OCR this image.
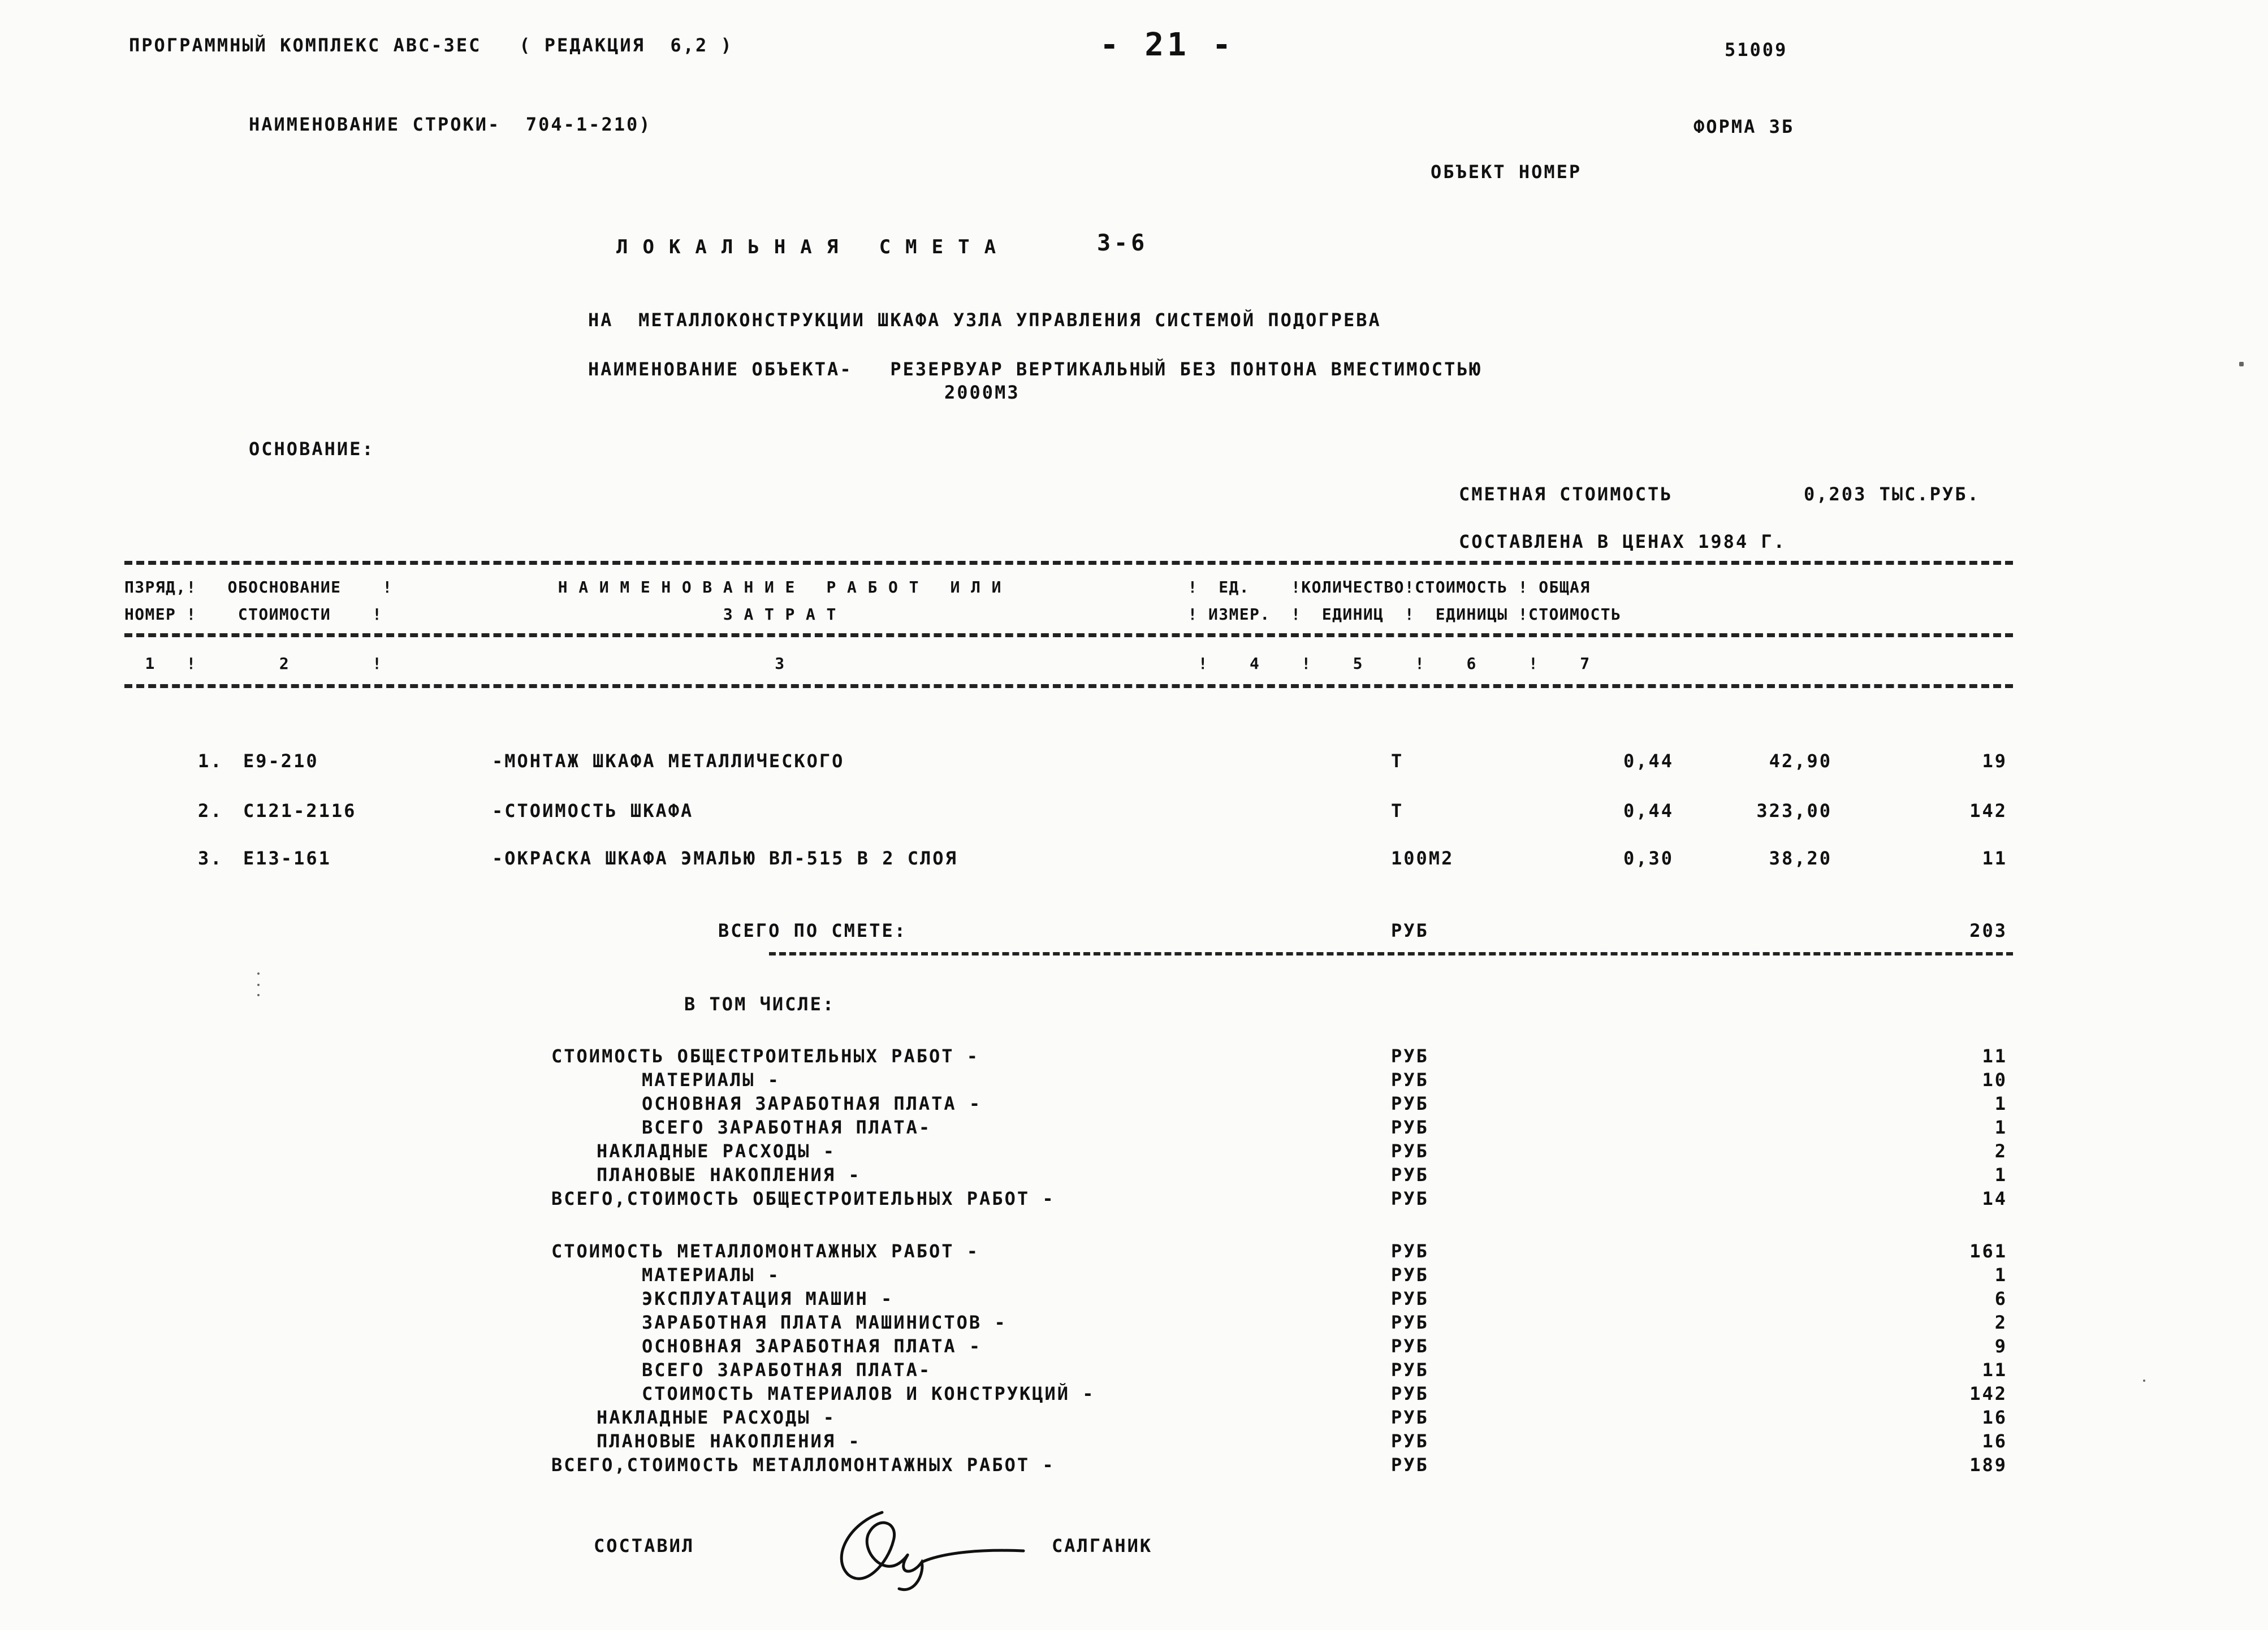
ПРОГРАММНЫЙ КОМПЛЕКС АВС-ЗЕС   ( РЕДАКЦИЯ  6,2 )	- 21 -	51009
НАИМЕНОВАНИЕ СТРОКИ-  704-1-210)	ФОРМА 3Б
ОБЪЕКТ НОМЕР
ЛОКАЛЬНАЯ СМЕТА	3-6
НА  МЕТАЛЛОКОНСТРУКЦИИ ШКАФА УЗЛА УПРАВЛЕНИЯ СИСТЕМОЙ ПОДОГРЕВА
НАИМЕНОВАНИЕ ОБЪЕКТА-   РЕЗЕРВУАР ВЕРТИКАЛЬНЫЙ БЕЗ ПОНТОНА ВМЕСТИМОСТЬЮ
2000М3
ОСНОВАНИЕ:
СМЕТНАЯ СТОИМОСТЬ	0,203 ТЫС.РУБ.
СОСТАВЛЕНА В ЦЕНАХ 1984 Г.
ПЗРЯД,!   ОБОСНОВАНИЕ    !                Н А И М Е Н О В А Н И Е   Р А Б О Т   И Л И                  !  ЕД.    !КОЛИЧЕСТВО!СТОИМОСТЬ ! ОБЩАЯ
НОМЕР !    СТОИМОСТИ    !                                 З А Т Р А Т                                  ! ИЗМЕР.  !  ЕДИНИЦ  !  ЕДИНИЦЫ !СТОИМОСТЬ
1   !        2        !                                      3                                        !    4    !    5     !    6     !    7
1. Е9-210	-МОНТАЖ ШКАФА МЕТАЛЛИЧЕСКОГО	Т	0,44	42,90	19
2. С121-2116	-СТОИМОСТЬ ШКАФА	Т	0,44	323,00	142
3. Е13-161	-ОКРАСКА ШКАФА ЭМАЛЬЮ ВЛ-515 В 2 СЛОЯ	100М2	0,30	38,20	11
ВСЕГО ПО СМЕТЕ:	РУБ	203
В ТОМ ЧИСЛЕ:
СТОИМОСТЬ ОБЩЕСТРОИТЕЛЬНЫХ РАБОТ -	РУБ	11
МАТЕРИАЛЫ -	РУБ	10
ОСНОВНАЯ ЗАРАБОТНАЯ ПЛАТА -	РУБ	1
ВСЕГО ЗАРАБОТНАЯ ПЛАТА-	РУБ	1
НАКЛАДНЫЕ РАСХОДЫ -	РУБ	2
ПЛАНОВЫЕ НАКОПЛЕНИЯ -	РУБ	1
ВСЕГО,СТОИМОСТЬ ОБЩЕСТРОИТЕЛЬНЫХ РАБОТ -	РУБ	14
СТОИМОСТЬ МЕТАЛЛОМОНТАЖНЫХ РАБОТ -	РУБ	161
МАТЕРИАЛЫ -	РУБ	1
ЭКСПЛУАТАЦИЯ МАШИН -	РУБ	6
ЗАРАБОТНАЯ ПЛАТА МАШИНИСТОВ -	РУБ	2
ОСНОВНАЯ ЗАРАБОТНАЯ ПЛАТА -	РУБ	9
ВСЕГО ЗАРАБОТНАЯ ПЛАТА-	РУБ	11
СТОИМОСТЬ МАТЕРИАЛОВ И КОНСТРУКЦИЙ -	РУБ	142
НАКЛАДНЫЕ РАСХОДЫ -	РУБ	16
ПЛАНОВЫЕ НАКОПЛЕНИЯ -	РУБ	16
ВСЕГО,СТОИМОСТЬ МЕТАЛЛОМОНТАЖНЫХ РАБОТ -	РУБ	189
СОСТАВИЛ	САЛГАНИК
